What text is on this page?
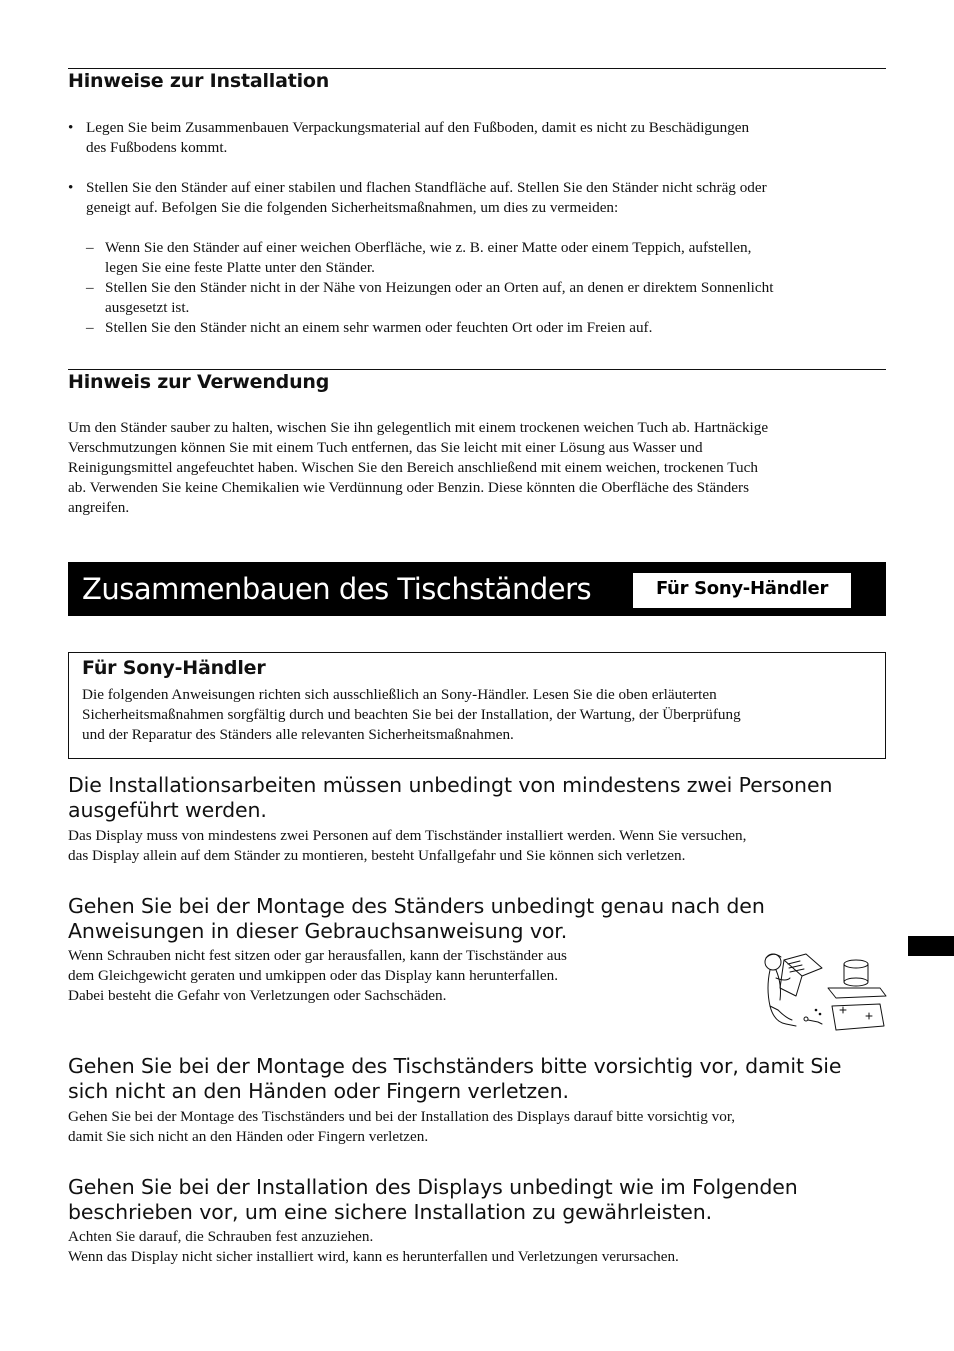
Hinweise zur Installation
• Legen Sie beim Zusammenbauen Verpackungsmaterial auf den Fußboden, damit es nicht zu Beschädigungen
des Fußbodens kommt.
• Stellen Sie den Ständer auf einer stabilen und flachen Standfläche auf. Stellen Sie den Ständer nicht schräg oder
geneigt auf. Befolgen Sie die folgenden Sicherheitsmaßnahmen, um dies zu vermeiden:
– Wenn Sie den Ständer auf einer weichen Oberfläche, wie z. B. einer Matte oder einem Teppich, aufstellen,
legen Sie eine feste Platte unter den Ständer.
– Stellen Sie den Ständer nicht in der Nähe von Heizungen oder an Orten auf, an denen er direktem Sonnenlicht
ausgesetzt ist.
– Stellen Sie den Ständer nicht an einem sehr warmen oder feuchten Ort oder im Freien auf.
Hinweis zur Verwendung
Um den Ständer sauber zu halten, wischen Sie ihn gelegentlich mit einem trockenen weichen Tuch ab. Hartnäckige
Verschmutzungen können Sie mit einem Tuch entfernen, das Sie leicht mit einer Lösung aus Wasser und
Reinigungsmittel angefeuchtet haben. Wischen Sie den Bereich anschließend mit einem weichen, trockenen Tuch
ab. Verwenden Sie keine Chemikalien wie Verdünnung oder Benzin. Diese könnten die Oberfläche des Ständers
angreifen.
Zusammenbauen des Tischständers	Für Sony-Händler
Für Sony-Händler
Die folgenden Anweisungen richten sich ausschließlich an Sony-Händler. Lesen Sie die oben erläuterten
Sicherheitsmaßnahmen sorgfältig durch und beachten Sie bei der Installation, der Wartung, der Überprüfung
und der Reparatur des Ständers alle relevanten Sicherheitsmaßnahmen.
Die Installationsarbeiten müssen unbedingt von mindestens zwei Personen
ausgeführt werden.
Das Display muss von mindestens zwei Personen auf dem Tischständer installiert werden. Wenn Sie versuchen,
das Display allein auf dem Ständer zu montieren, besteht Unfallgefahr und Sie können sich verletzen.
Gehen Sie bei der Montage des Ständers unbedingt genau nach den
Anweisungen in dieser Gebrauchsanweisung vor.
Wenn Schrauben nicht fest sitzen oder gar herausfallen, kann der Tischständer aus
dem Gleichgewicht geraten und umkippen oder das Display kann herunterfallen.
Dabei besteht die Gefahr von Verletzungen oder Sachschäden.
Gehen Sie bei der Montage des Tischständers bitte vorsichtig vor, damit Sie
sich nicht an den Händen oder Fingern verletzen.
Gehen Sie bei der Montage des Tischständers und bei der Installation des Displays darauf bitte vorsichtig vor,
damit Sie sich nicht an den Händen oder Fingern verletzen.
Gehen Sie bei der Installation des Displays unbedingt wie im Folgenden
beschrieben vor, um eine sichere Installation zu gewährleisten.
Achten Sie darauf, die Schrauben fest anzuziehen.
Wenn das Display nicht sicher installiert wird, kann es herunterfallen und Verletzungen verursachen.
